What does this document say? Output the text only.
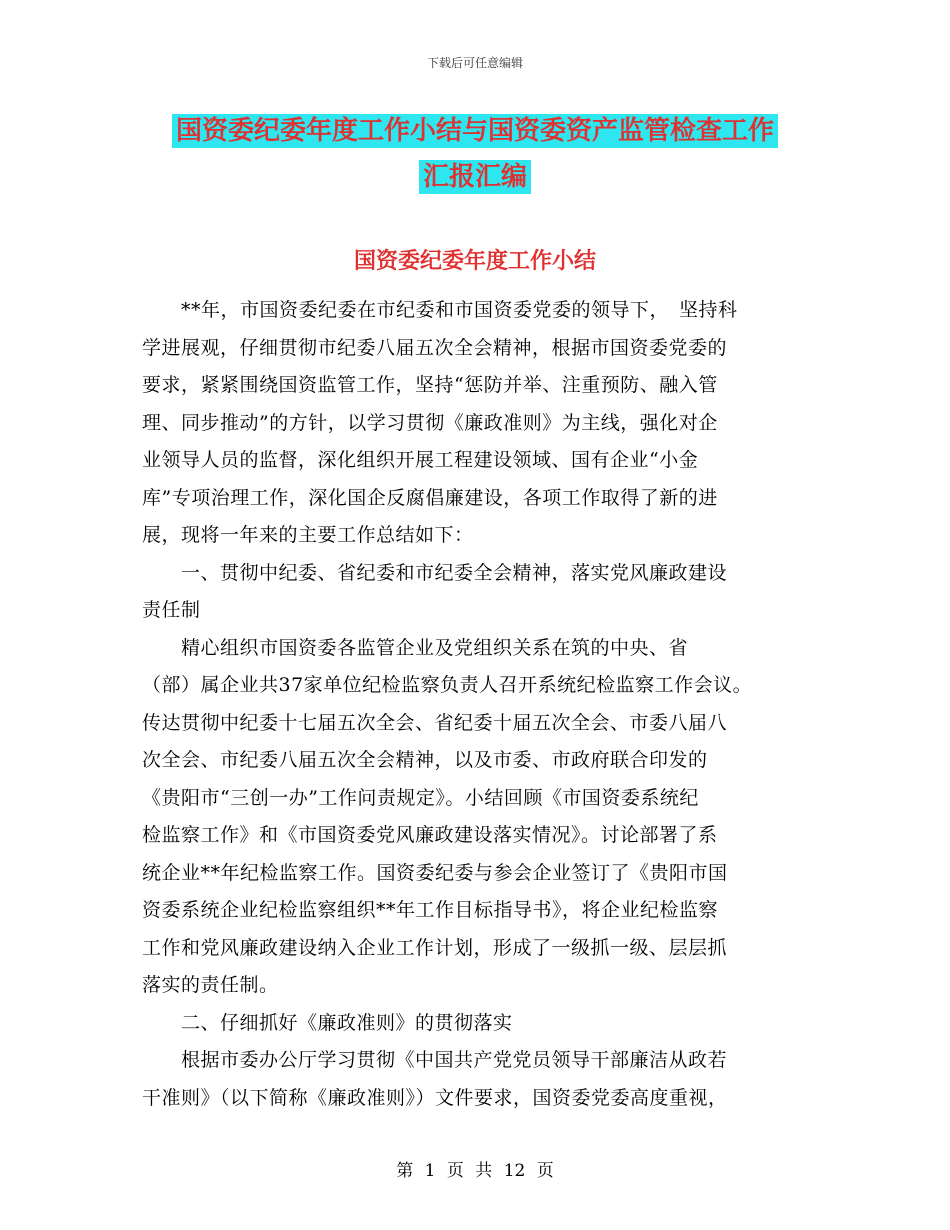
下载后可任意编辑
国资委纪委年度工作小结与国资委资产监管检查工作
汇报汇编
国资委纪委年度工作小结

　　**年，市国资委纪委在市纪委和市国资委党委的领导下，　坚持科
学进展观，仔细贯彻市纪委八届五次全会精神，根据市国资委党委的
要求，紧紧围绕国资监管工作，坚持“惩防并举、注重预防、融入管
理、同步推动”的方针，以学习贯彻《廉政准则》为主线，强化对企
业领导人员的监督，深化组织开展工程建设领域、国有企业“小金
库”专项治理工作，深化国企反腐倡廉建设，各项工作取得了新的进
展，现将一年来的主要工作总结如下：

　　一、贯彻中纪委、省纪委和市纪委全会精神，落实党风廉政建设
责任制

　　精心组织市国资委各监管企业及党组织关系在筑的中央、省
（部）属企业共37家单位纪检监察负责人召开系统纪检监察工作会议。
传达贯彻中纪委十七届五次全会、省纪委十届五次全会、市委八届八
次全会、市纪委八届五次全会精神，以及市委、市政府联合印发的
《贵阳市“三创一办”工作问责规定》。小结回顾《市国资委系统纪
检监察工作》和《市国资委党风廉政建设落实情况》。讨论部署了系
统企业**年纪检监察工作。国资委纪委与参会企业签订了《贵阳市国
资委系统企业纪检监察组织**年工作目标指导书》，将企业纪检监察
工作和党风廉政建设纳入企业工作计划，形成了一级抓一级、层层抓
落实的责任制。

　　二、仔细抓好《廉政准则》的贯彻落实

　　根据市委办公厅学习贯彻《中国共产党党员领导干部廉洁从政若
干准则》（以下简称《廉政准则》）文件要求，国资委党委高度重视，

第 1 页 共 12 页
